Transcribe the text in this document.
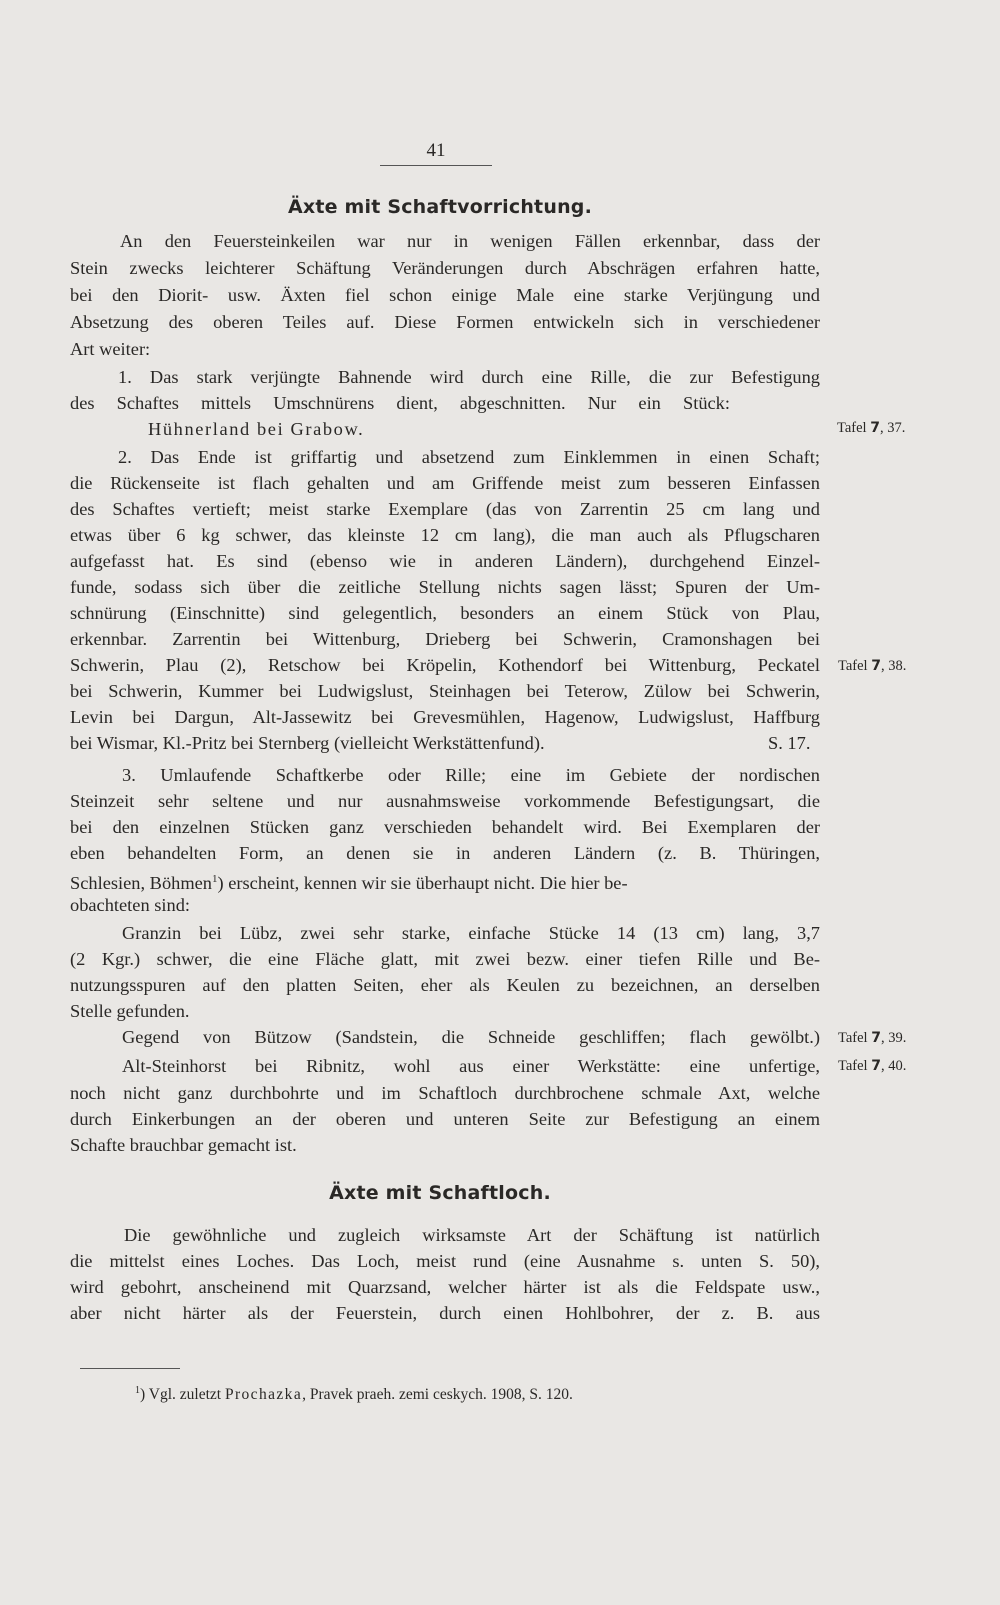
41
Äxte mit Schaftvorrichtung.
An den Feuersteinkeilen war nur in wenigen Fällen erkennbar, dass der
Stein zwecks leichterer Schäftung Veränderungen durch Abschrägen erfahren hatte,
bei den Diorit- usw. Äxten fiel schon einige Male eine starke Verjüngung und
Absetzung des oberen Teiles auf. Diese Formen entwickeln sich in verschiedener
Art weiter:
1. Das stark verjüngte Bahnende wird durch eine Rille, die zur Befestigung
des Schaftes mittels Umschnürens dient, abgeschnitten. Nur ein Stück:
Hühnerland bei Grabow.	Tafel 7, 37.
2. Das Ende ist griffartig und absetzend zum Einklemmen in einen Schaft;
die Rückenseite ist flach gehalten und am Griffende meist zum besseren Einfassen
des Schaftes vertieft; meist starke Exemplare (das von Zarrentin 25 cm lang und
etwas über 6 kg schwer, das kleinste 12 cm lang), die man auch als Pflugscharen
aufgefasst hat. Es sind (ebenso wie in anderen Ländern), durchgehend Einzel-
funde, sodass sich über die zeitliche Stellung nichts sagen lässt; Spuren der Um-
schnürung (Einschnitte) sind gelegentlich, besonders an einem Stück von Plau,
erkennbar. Zarrentin bei Wittenburg, Drieberg bei Schwerin, Cramonshagen bei
Schwerin, Plau (2), Retschow bei Kröpelin, Kothendorf bei Wittenburg, Peckatel Tafel 7, 38.
bei Schwerin, Kummer bei Ludwigslust, Steinhagen bei Teterow, Zülow bei Schwerin,
Levin bei Dargun, Alt-Jassewitz bei Grevesmühlen, Hagenow, Ludwigslust, Haffburg
bei Wismar, Kl.-Pritz bei Sternberg (vielleicht Werkstättenfund).	S. 17.
3. Umlaufende Schaftkerbe oder Rille; eine im Gebiete der nordischen
Steinzeit sehr seltene und nur ausnahmsweise vorkommende Befestigungsart, die
bei den einzelnen Stücken ganz verschieden behandelt wird. Bei Exemplaren der
eben behandelten Form, an denen sie in anderen Ländern (z. B. Thüringen,
Schlesien, Böhmen$^1$) erscheint, kennen wir sie überhaupt nicht. Die hier be-
obachteten sind:
Granzin bei Lübz, zwei sehr starke, einfache Stücke 14 (13 cm) lang, 3,7
(2 Kgr.) schwer, die eine Fläche glatt, mit zwei bezw. einer tiefen Rille und Be-
nutzungsspuren auf den platten Seiten, eher als Keulen zu bezeichnen, an derselben
Stelle gefunden.
Gegend von Bützow (Sandstein, die Schneide geschliffen; flach gewölbt.) Tafel 7, 39.
Alt-Steinhorst bei Ribnitz, wohl aus einer Werkstätte: eine unfertige, Tafel 7, 40.
noch nicht ganz durchbohrte und im Schaftloch durchbrochene schmale Axt, welche
durch Einkerbungen an der oberen und unteren Seite zur Befestigung an einem
Schafte brauchbar gemacht ist.
Äxte mit Schaftloch.
Die gewöhnliche und zugleich wirksamste Art der Schäftung ist natürlich
die mittelst eines Loches. Das Loch, meist rund (eine Ausnahme s. unten S. 50),
wird gebohrt, anscheinend mit Quarzsand, welcher härter ist als die Feldspate usw.,
aber nicht härter als der Feuerstein, durch einen Hohlbohrer, der z. B. aus
$^1$) Vgl. zuletzt Prochazka, Pravek praeh. zemi ceskych. 1908, S. 120.
